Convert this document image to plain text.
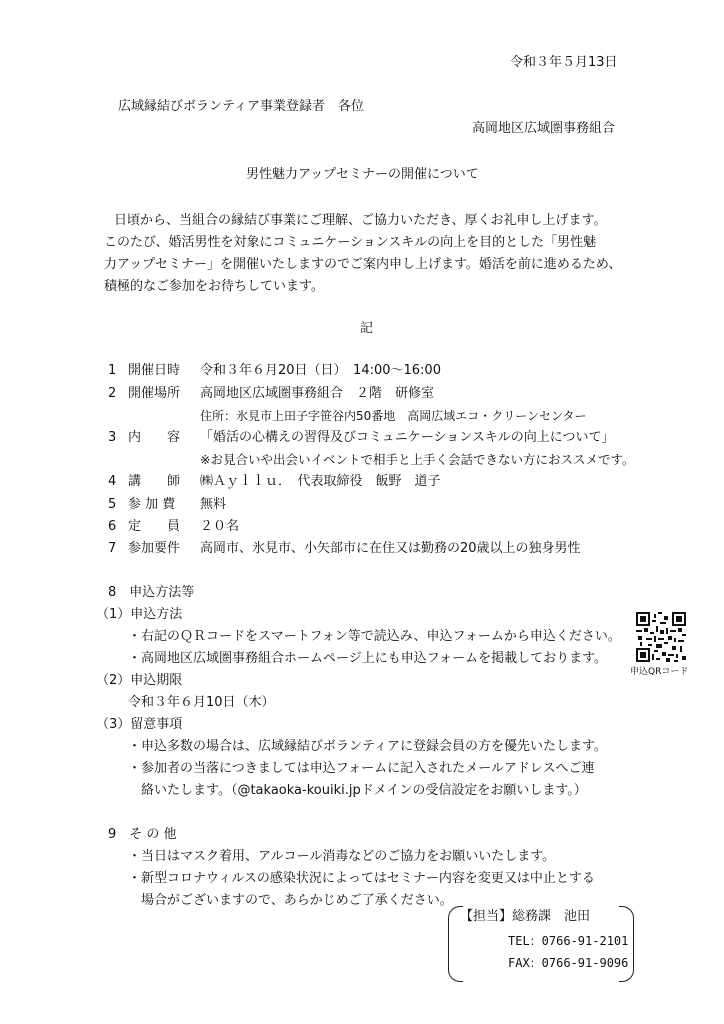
令和３年５月13日
広域縁結びボランティア事業登録者　各位
高岡地区広域圏事務組合
男性魅力アップセミナーの開催について
日頃から、当組合の縁結び事業にご理解、ご協力いただき、厚くお礼申し上げます。
このたび、婚活男性を対象にコミュニケーションスキルの向上を目的とした「男性魅
力アップセミナー」を開催いたしますのでご案内申し上げます。婚活を前に進めるため、
積極的なご参加をお待ちしています。
記
1 開催日時 令和３年６月20日（日）　14:00～16:00
2 開催場所 高岡地区広域圏事務組合　２階　研修室
住所：氷見市上田子字笹谷内50番地　高岡広域エコ・クリーンセンター
3 内　　容 「婚活の心構えの習得及びコミュニケーションスキルの向上について」
※お見合いや出会いイベントで相手と上手く会話できない方におススメです。
4 講　　師 ㈱Ａｙｌｌｕ．　代表取締役　飯野　道子
5 参 加 費 無料
6 定　　員 ２０名
7 参加要件 高岡市、氷見市、小矢部市に在住又は勤務の20歳以上の独身男性
8　申込方法等
（1）申込方法
・右記のＱＲコードをスマートフォン等で読込み、申込フォームから申込ください。
・高岡地区広域圏事務組合ホームページ上にも申込フォームを掲載しております。
（2）申込期限
令和３年６月10日（木）
（3）留意事項
・申込多数の場合は、広域縁結びボランティアに登録会員の方を優先いたします。
・参加者の当落につきましては申込フォームに記入されたメールアドレスへご連
　絡いたします。（@takaoka-kouiki.jpドメインの受信設定をお願いします。）
申込QRコード
9　そ の 他
・当日はマスク着用、アルコール消毒などのご協力をお願いいたします。
・新型コロナウィルスの感染状況によってはセミナー内容を変更又は中止とする
　場合がございますので、あらかじめご了承ください。
【担当】総務課　池田
TEL：0766-91-2101
FAX：0766-91-9096
